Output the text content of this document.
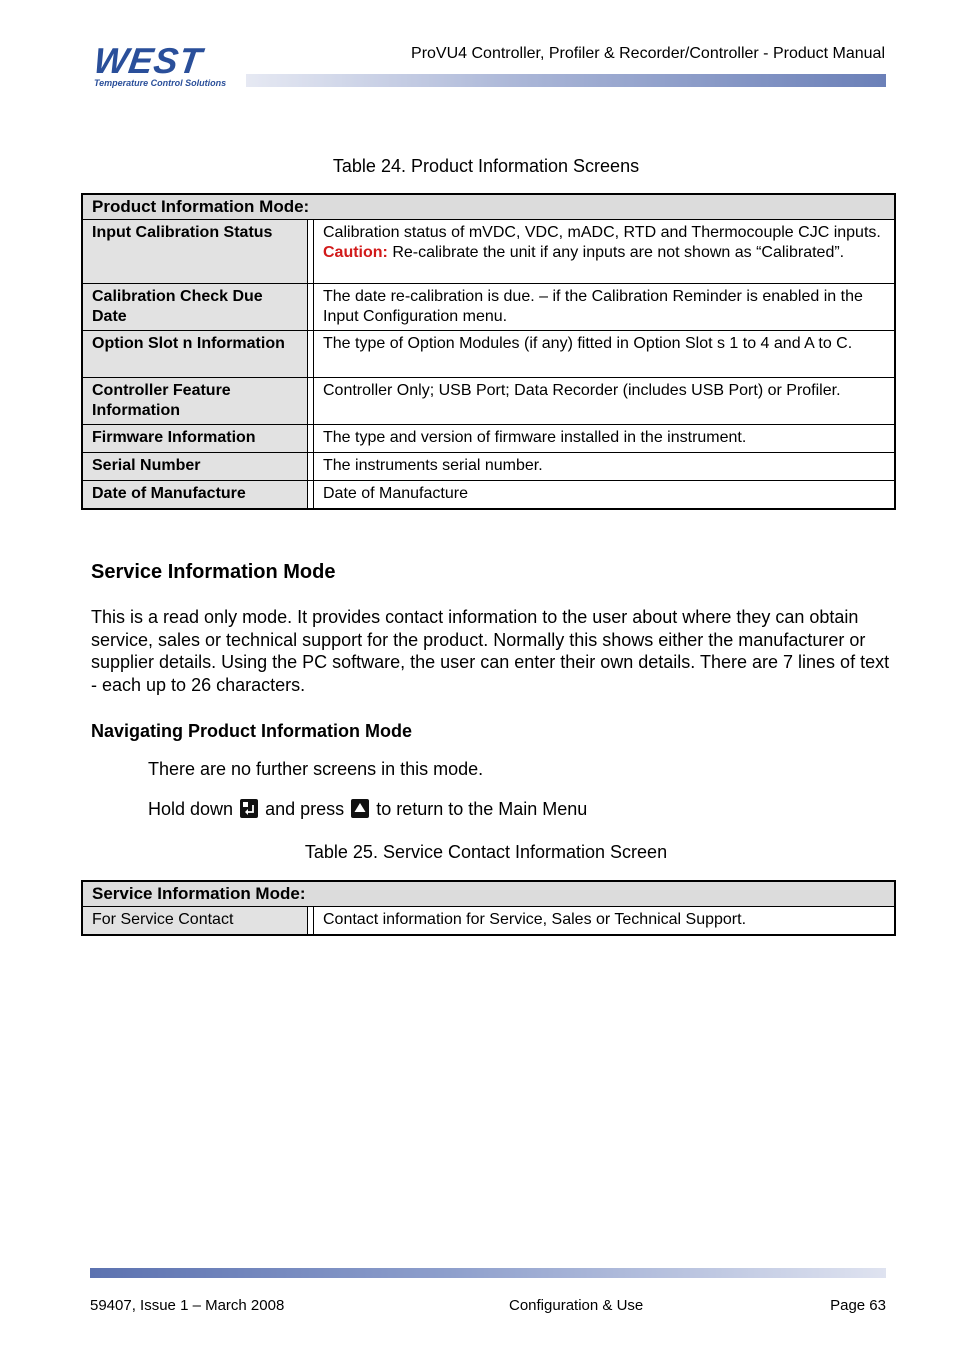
WEST
Temperature Control Solutions
ProVU4 Controller, Profiler & Recorder/Controller - Product Manual
Table 24. Product Information Screens
Product Information Mode:		
Input Calibration Status		Calibration status of mVDC, VDC, mADC, RTD and Thermocouple CJC inputs. Caution: Re-calibrate the unit if any inputs are not shown as “Calibrated”.
Calibration Check Due Date		The date re-calibration is due. – if the Calibration Reminder is enabled in the Input Configuration menu.
Option Slot n Information		The type of Option Modules (if any) fitted in Option Slot s 1 to 4 and A to C.
Controller Feature Information		Controller Only; USB Port; Data Recorder (includes USB Port) or Profiler.
Firmware Information		The type and version of firmware installed in the instrument.
Serial Number		The instruments serial number.
Date of Manufacture		Date of Manufacture
Service Information Mode

This is a read only mode. It provides contact information to the user about where they can obtain service, sales or technical support for the product. Normally this shows either the manufacturer or supplier details. Using the PC software, the user can enter their own details. There are 7 lines of text - each up to 26 characters.

Navigating Product Information Mode
There are no further screens in this mode.
Hold down and press to return to the Main Menu
Table 25. Service Contact Information Screen
Service Information Mode:
For Service Contact		Contact information for Service, Sales or Technical Support.
59407, Issue 1 – March 2008	Configuration & Use	Page 63
